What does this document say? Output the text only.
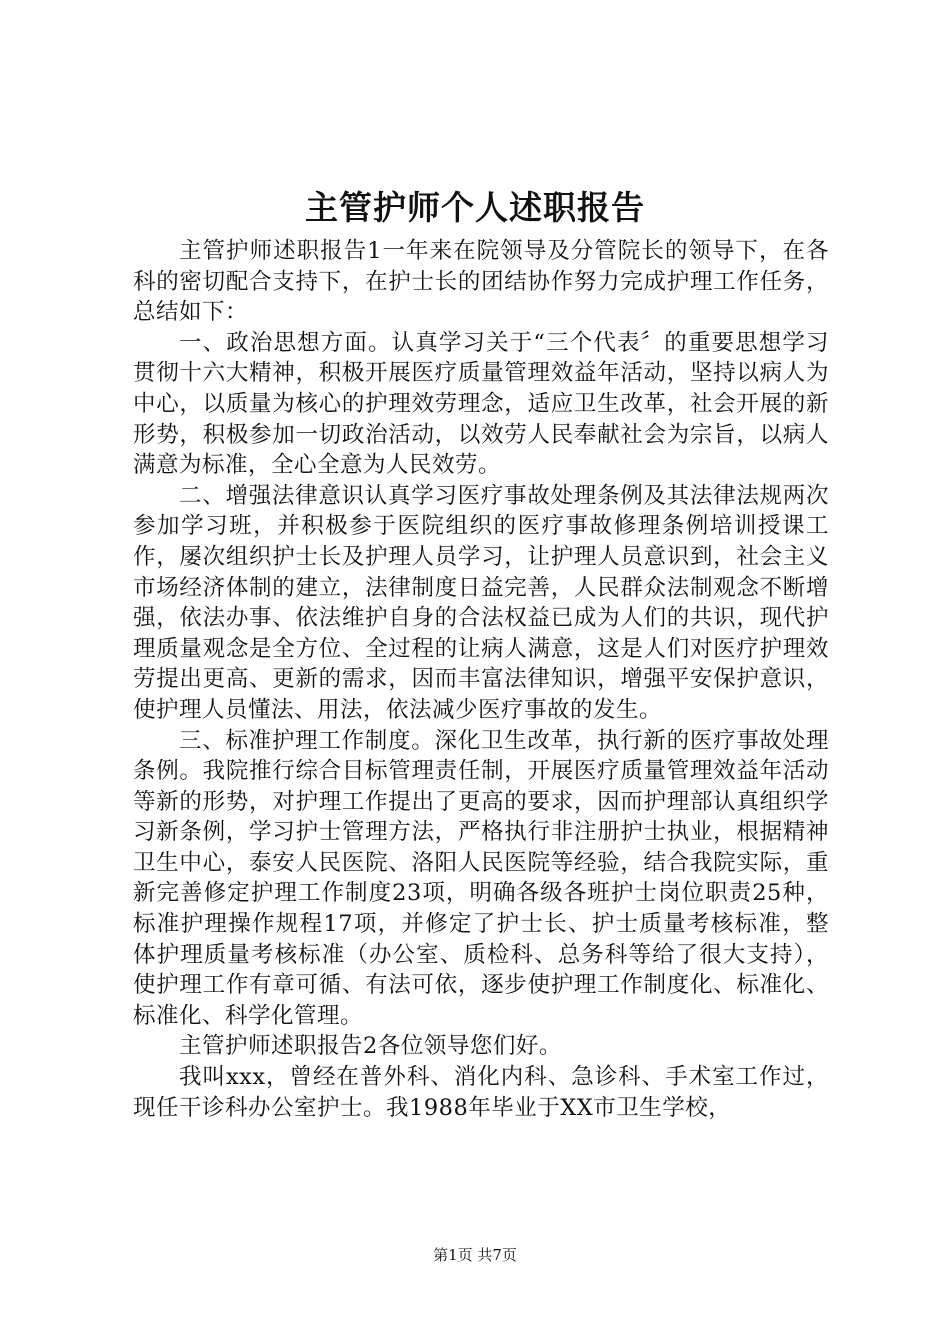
主管护师个人述职报告

主管护师述职报告1一年来在院领导及分管院长的领导下，在各科的密切配合支持下，在护士长的团结协作努力完成护理工作任务，总结如下：

一、政治思想方面。认真学习关于“三个代表〞的重要思想学习贯彻十六大精神，积极开展医疗质量管理效益年活动，坚持以病人为中心，以质量为核心的护理效劳理念，适应卫生改革，社会开展的新形势，积极参加一切政治活动，以效劳人民奉献社会为宗旨，以病人满意为标准，全心全意为人民效劳。

二、增强法律意识认真学习医疗事故处理条例及其法律法规两次参加学习班，并积极参于医院组织的医疗事故修理条例培训授课工作，屡次组织护士长及护理人员学习，让护理人员意识到，社会主义市场经济体制的建立，法律制度日益完善，人民群众法制观念不断增强，依法办事、依法维护自身的合法权益已成为人们的共识，现代护理质量观念是全方位、全过程的让病人满意，这是人们对医疗护理效劳提出更高、更新的需求，因而丰富法律知识，增强平安保护意识，使护理人员懂法、用法，依法减少医疗事故的发生。

三、标准护理工作制度。深化卫生改革，执行新的医疗事故处理条例。我院推行综合目标管理责任制，开展医疗质量管理效益年活动等新的形势，对护理工作提出了更高的要求，因而护理部认真组织学习新条例，学习护士管理方法，严格执行非注册护士执业，根据精神卫生中心，泰安人民医院、洛阳人民医院等经验，结合我院实际，重新完善修定护理工作制度23项，明确各级各班护士岗位职责25种，标准护理操作规程17项，并修定了护士长、护士质量考核标准，整体护理质量考核标准（办公室、质检科、总务科等给了很大支持），使护理工作有章可循、有法可依，逐步使护理工作制度化、标准化、标准化、科学化管理。

主管护师述职报告2各位领导您们好。

我叫xxx，曾经在普外科、消化内科、急诊科、手术室工作过，现任干诊科办公室护士。我1988年毕业于XX市卫生学校，

第1页 共7页
